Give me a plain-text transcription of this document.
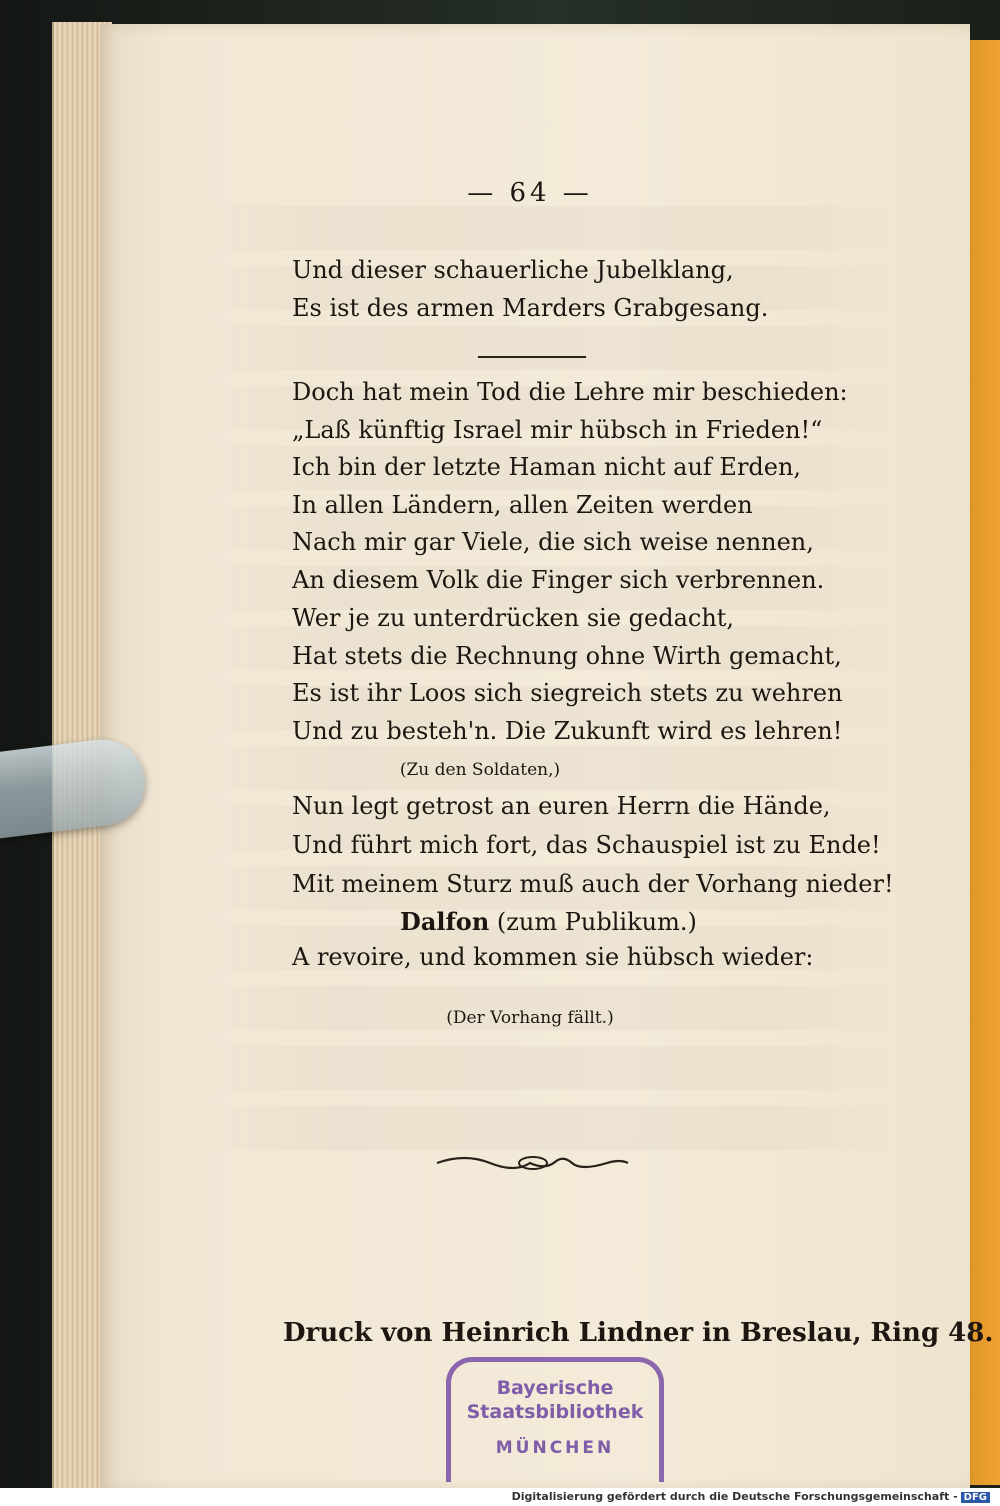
— 64 —
Und dieser schauerliche Jubelklang,
Es ist des armen Marders Grabgesang.
Doch hat mein Tod die Lehre mir beschieden:
„Laß künftig Israel mir hübsch in Frieden!“
Ich bin der letzte Haman nicht auf Erden,
In allen Ländern, allen Zeiten werden
Nach mir gar Viele, die sich weise nennen,
An diesem Volk die Finger sich verbrennen.
Wer je zu unterdrücken sie gedacht,
Hat stets die Rechnung ohne Wirth gemacht,
Es ist ihr Loos sich siegreich stets zu wehren
Und zu besteh'n. Die Zukunft wird es lehren!
(Zu den Soldaten,)
Nun legt getrost an euren Herrn die Hände,
Und führt mich fort, das Schauspiel ist zu Ende!
Mit meinem Sturz muß auch der Vorhang nieder!
Dalfon (zum Publikum.)
A revoire, und kommen sie hübsch wieder:
(Der Vorhang fällt.)
Druck von Heinrich Lindner in Breslau, Ring 48.
Bayerische
Staatsbibliothek
MÜNCHEN
Digitalisierung gefördert durch die Deutsche Forschungsgemeinschaft - DFG
